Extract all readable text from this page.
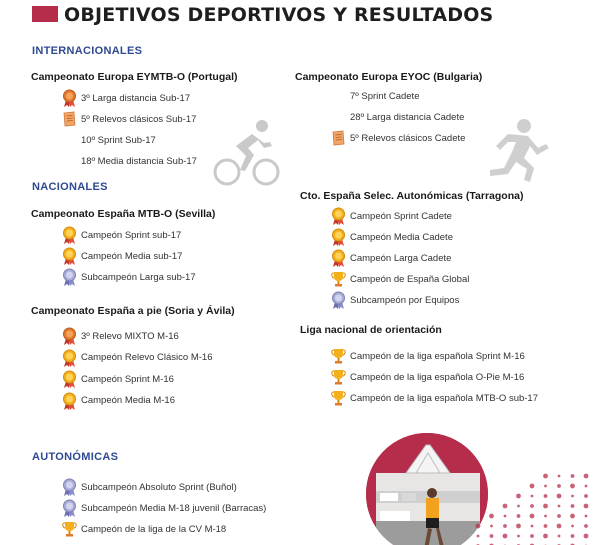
OBJETIVOS DEPORTIVOS Y RESULTADOS
INTERNACIONALES
NACIONALES
AUTONÓMICAS
Campeonato Europa EYMTB-O (Portugal)	Campeonato Europa EYOC (Bulgaria)
Campeonato España MTB-O (Sevilla)
Cto. España Selec. Autonómicas (Tarragona)
Campeonato España a pie (Soria y Ávila)
Liga nacional de orientación
3º Larga distancia Sub-17
5º Relevos clásicos Sub-17
10º Sprint Sub-17
18º Media distancia Sub-17
7º Sprint Cadete
28º Larga distancia Cadete
5º Relevos clásicos Cadete
Campeón Sprint sub-17
Campeón Media sub-17
Subcampeón Larga sub-17
Campeón Sprint Cadete
Campeón Media Cadete
Campeón Larga Cadete
Campeón de España Global
Subcampeón por Equipos
3º Relevo MIXTO M-16
Campeón Relevo Clásico M-16
Campeón Sprint M-16
Campeón Media M-16
Campeón de la liga española Sprint M-16
Campeón de la liga española O-Pie M-16
Campeón de la liga española MTB-O sub-17
Subcampeón Absoluto Sprint (Buñol)
Subcampeón Media M-18 juvenil (Barracas)
Campeón de la liga de la CV M-18
